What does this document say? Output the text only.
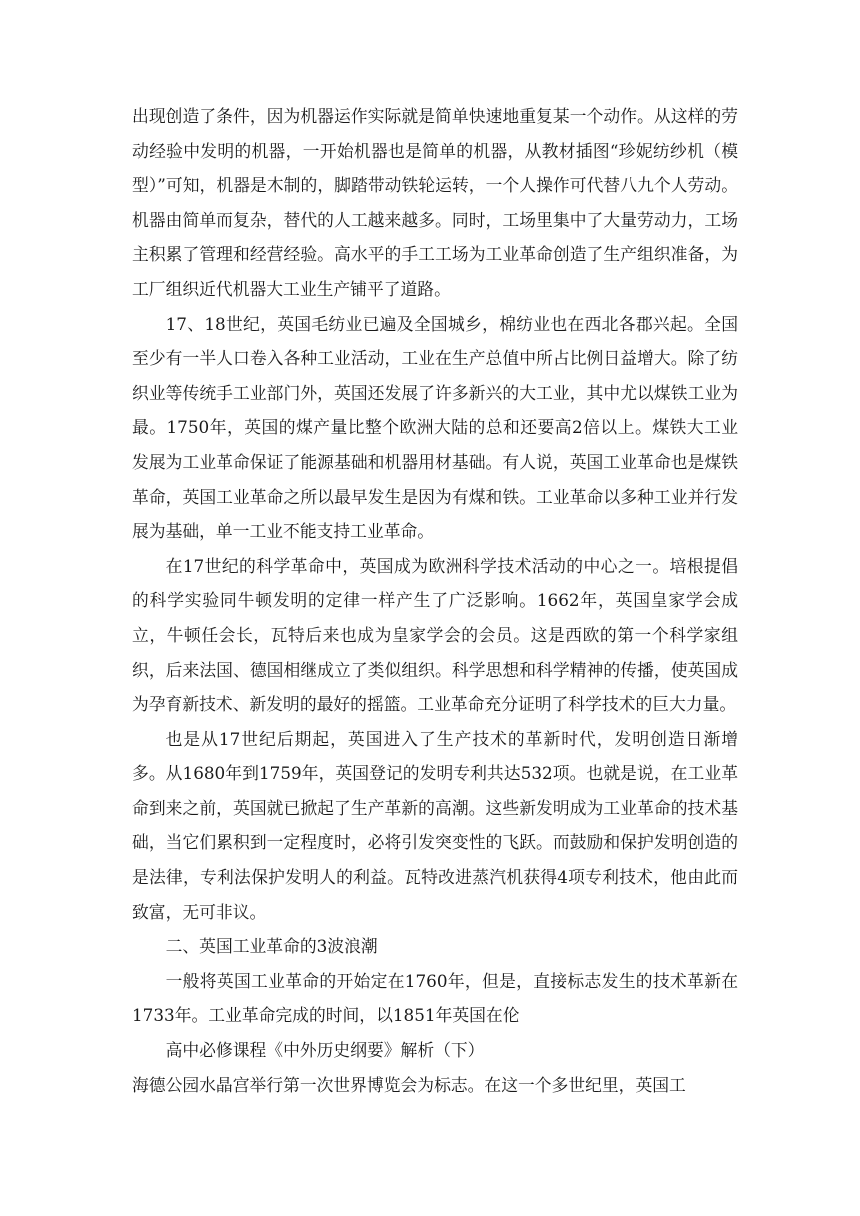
出现创造了条件，因为机器运作实际就是简单快速地重复某一个动作。从这样的劳动经验中发明的机器，一开始机器也是简单的机器，从教材插图“珍妮纺纱机（模型）”可知，机器是木制的，脚踏带动铁轮运转，一个人操作可代替八九个人劳动。机器由简单而复杂，替代的人工越来越多。同时，工场里集中了大量劳动力，工场主积累了管理和经营经验。高水平的手工工场为工业革命创造了生产组织准备，为工厂组织近代机器大工业生产铺平了道路。

17、18世纪，英国毛纺业已遍及全国城乡，棉纺业也在西北各郡兴起。全国至少有一半人口卷入各种工业活动，工业在生产总值中所占比例日益增大。除了纺织业等传统手工业部门外，英国还发展了许多新兴的大工业，其中尤以煤铁工业为最。1750年，英国的煤产量比整个欧洲大陆的总和还要高2倍以上。煤铁大工业发展为工业革命保证了能源基础和机器用材基础。有人说，英国工业革命也是煤铁革命，英国工业革命之所以最早发生是因为有煤和铁。工业革命以多种工业并行发展为基础，单一工业不能支持工业革命。

在17世纪的科学革命中，英国成为欧洲科学技术活动的中心之一。培根提倡的科学实验同牛顿发明的定律一样产生了广泛影响。1662年，英国皇家学会成立，牛顿任会长，瓦特后来也成为皇家学会的会员。这是西欧的第一个科学家组织，后来法国、德国相继成立了类似组织。科学思想和科学精神的传播，使英国成为孕育新技术、新发明的最好的摇篮。工业革命充分证明了科学技术的巨大力量。

也是从17世纪后期起，英国进入了生产技术的革新时代，发明创造日渐增多。从1680年到1759年，英国登记的发明专利共达532项。也就是说，在工业革命到来之前，英国就已掀起了生产革新的高潮。这些新发明成为工业革命的技术基础，当它们累积到一定程度时，必将引发突变性的飞跃。而鼓励和保护发明创造的是法律，专利法保护发明人的利益。瓦特改进蒸汽机获得4项专利技术，他由此而致富，无可非议。

二、英国工业革命的3波浪潮

一般将英国工业革命的开始定在1760年，但是，直接标志发生的技术革新在1733年。工业革命完成的时间，以1851年英国在伦

高中必修课程《中外历史纲要》解析（下）

海德公园水晶宫举行第一次世界博览会为标志。在这一个多世纪里，英国工
